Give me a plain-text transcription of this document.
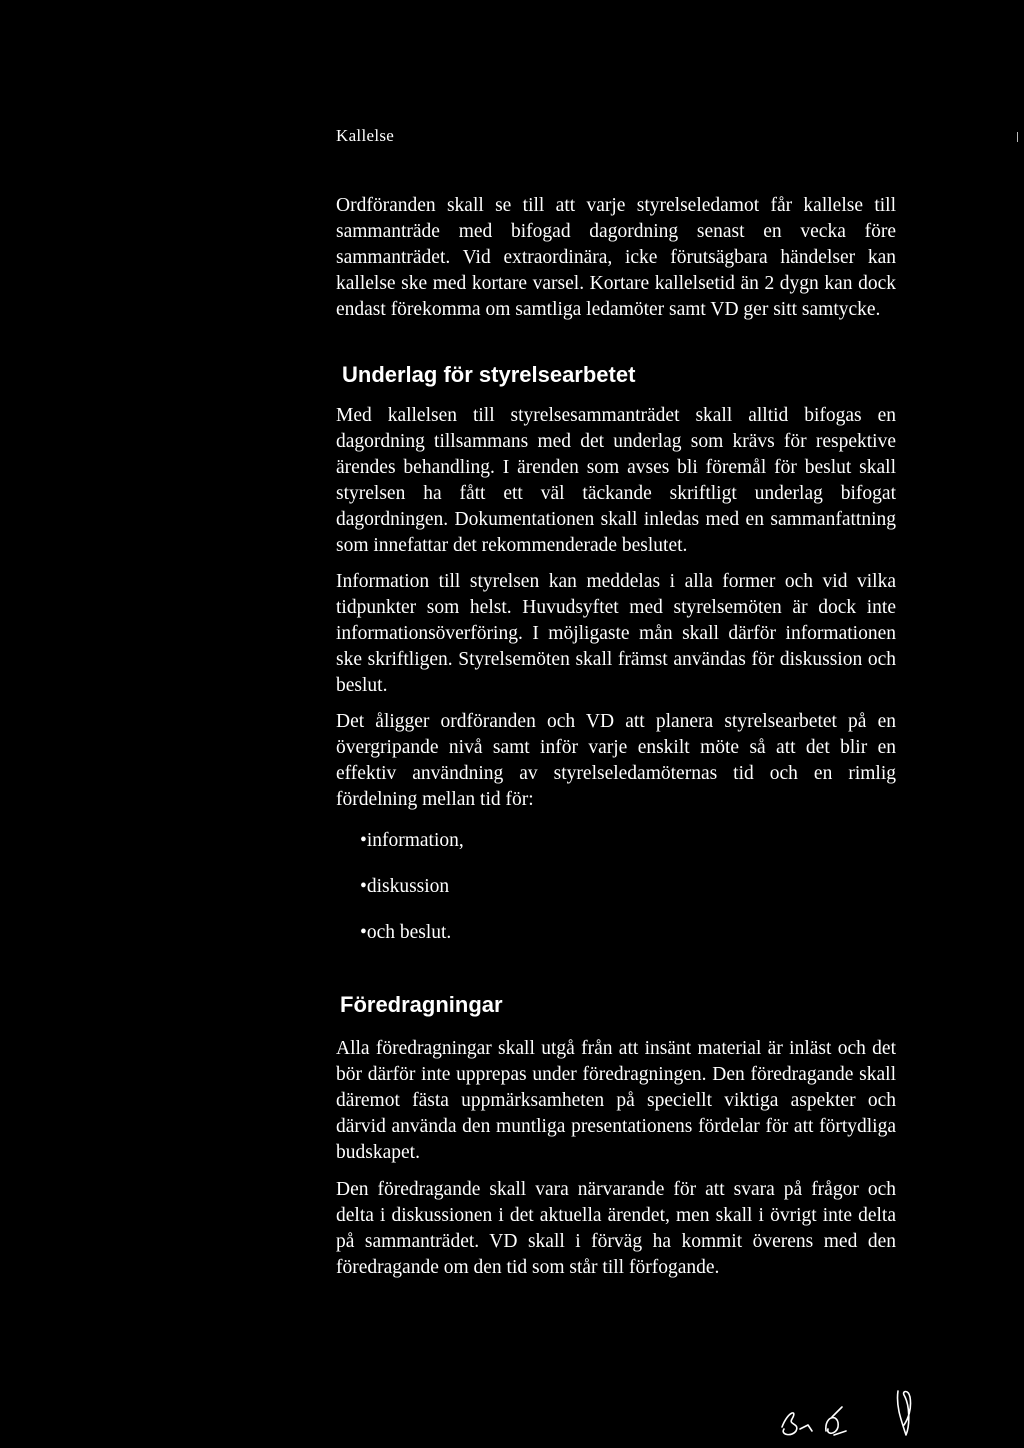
Kallelse

Ordföranden skall se till att varje styrelseledamot får kallelse till sammanträde med bifogad dagordning senast en vecka före sammanträdet. Vid extraordinära, icke förutsägbara händelser kan kallelse ske med kortare varsel. Kortare kallelsetid än 2 dygn kan dock endast förekomma om samtliga ledamöter samt VD ger sitt samtycke.

Underlag för styrelsearbetet

Med kallelsen till styrelsesammanträdet skall alltid bifogas en dagordning tillsammans med det underlag som krävs för respektive ärendes behandling. I ärenden som avses bli föremål för beslut skall styrelsen ha fått ett väl täckande skriftligt underlag bifogat dagordningen. Dokumentationen skall inledas med en sammanfattning som innefattar det rekommenderade beslutet.

Information till styrelsen kan meddelas i alla former och vid vilka tidpunkter som helst. Huvudsyftet med styrelsemöten är dock inte informationsöverföring. I möjligaste mån skall därför informationen ske skriftligen. Styrelsemöten skall främst användas för diskussion och beslut.

Det åligger ordföranden och VD att planera styrelsearbetet på en övergripande nivå samt inför varje enskilt möte så att det blir en effektiv användning av styrelseledamöternas tid och en rimlig fördelning mellan tid för:

• information,
• diskussion
• och beslut.
Föredragningar

Alla föredragningar skall utgå från att insänt material är inläst och det bör därför inte upprepas under föredragningen. Den föredragande skall däremot fästa uppmärksamheten på speciellt viktiga aspekter och därvid använda den muntliga presentationens fördelar för att förtydliga budskapet.

Den föredragande skall vara närvarande för att svara på frågor och delta i diskussionen i det aktuella ärendet, men skall i övrigt inte delta på sammanträdet. VD skall i förväg ha kommit överens med den föredragande om den tid som står till förfogande.
